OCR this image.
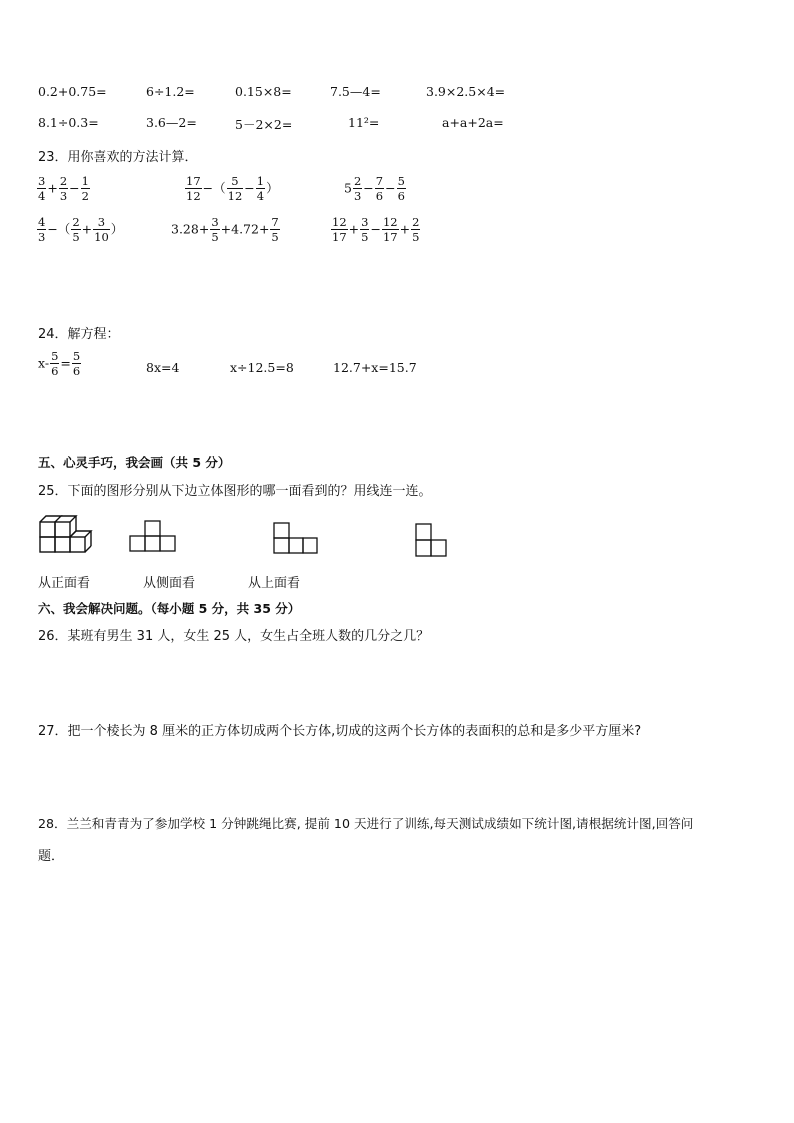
0.2+0.75=	6÷1.2=	0.15×8=	7.5—4=	3.9×2.5×4=
8.1÷0.3=	3.6—2=	5－2×2=	11²=	a+a+2a=
23．用你喜欢的方法计算．
$\frac{3}{4} + \frac{2}{3} - \frac{1}{2}$	$\frac{17}{12}$ −（ $\frac{5}{12} - \frac{1}{4}$ ）	$5 \frac{2}{3} - \frac{7}{6} - \frac{5}{6}$
$\frac{4}{3}$ −（ $\frac{2}{5} + \frac{3}{10}$ ）	$3.28+ \frac{3}{5} +4.72+ \frac{7}{5}$	$\frac{12}{17} + \frac{3}{5} - \frac{12}{17} + \frac{2}{5}$
24．解方程：
$x- \frac{5}{6} = \frac{5}{6}$	8x=4	x÷12.5=8	12.7+x=15.7
五、心灵手巧，我会画（共 5 分）
25．下面的图形分别从下边立体图形的哪一面看到的？用线连一连。
从正面看	从侧面看	从上面看
六、我会解决问题。（每小题 5 分，共 35 分）
26．某班有男生 31 人，女生 25 人，女生占全班人数的几分之几？
27．把一个棱长为 8 厘米的正方体切成两个长方体,切成的这两个长方体的表面积的总和是多少平方厘米?
28．兰兰和青青为了参加学校 1 分钟跳绳比赛, 提前 10 天进行了训练,每天测试成绩如下统计图,请根据统计图,回答问
题．
